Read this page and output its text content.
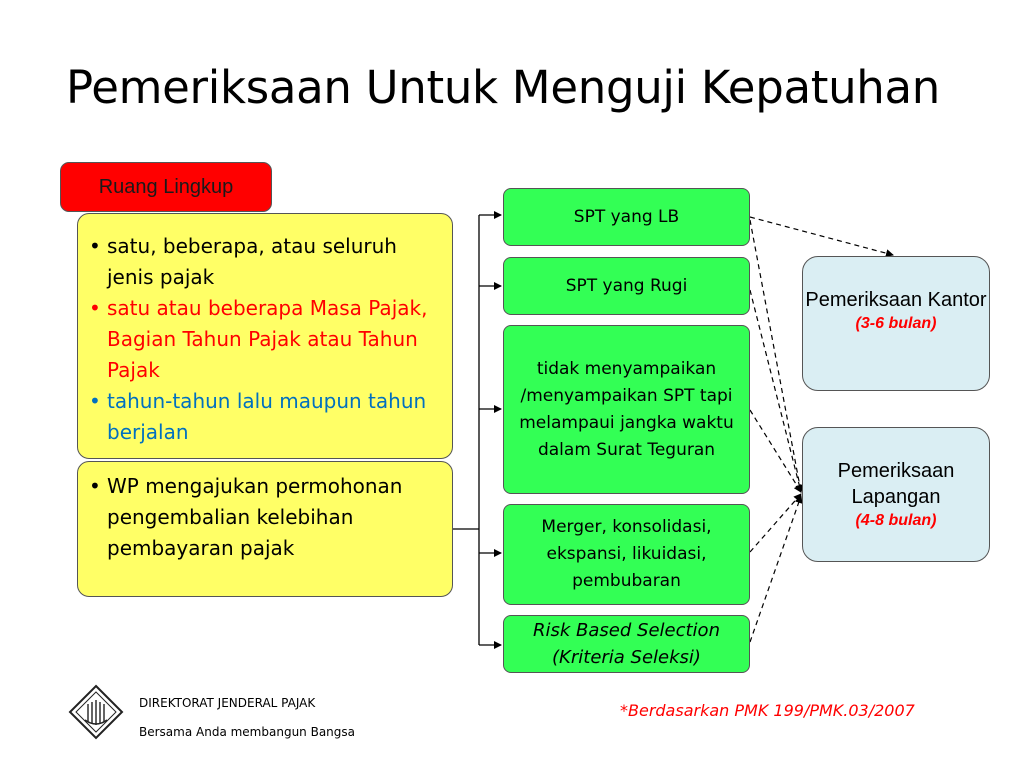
Pemeriksaan Untuk Menguji Kepatuhan
Ruang Lingkup
• satu, beberapa, atau seluruh jenis pajak
• satu atau beberapa Masa Pajak, Bagian Tahun Pajak atau Tahun Pajak
• tahun-tahun lalu maupun tahun berjalan
• WP mengajukan permohonan pengembalian kelebihan pembayaran pajak
SPT yang LB
SPT yang Rugi
tidak menyampaikan /menyampaikan SPT tapi melampaui jangka waktu dalam Surat Teguran
Merger, konsolidasi, ekspansi, likuidasi, pembubaran
Risk Based Selection (Kriteria Seleksi)
Pemeriksaan Kantor
(3-6 bulan)
Pemeriksaan Lapangan
(4-8 bulan)
DIREKTORAT JENDERAL PAJAK
Bersama Anda membangun Bangsa
*Berdasarkan PMK 199/PMK.03/2007
